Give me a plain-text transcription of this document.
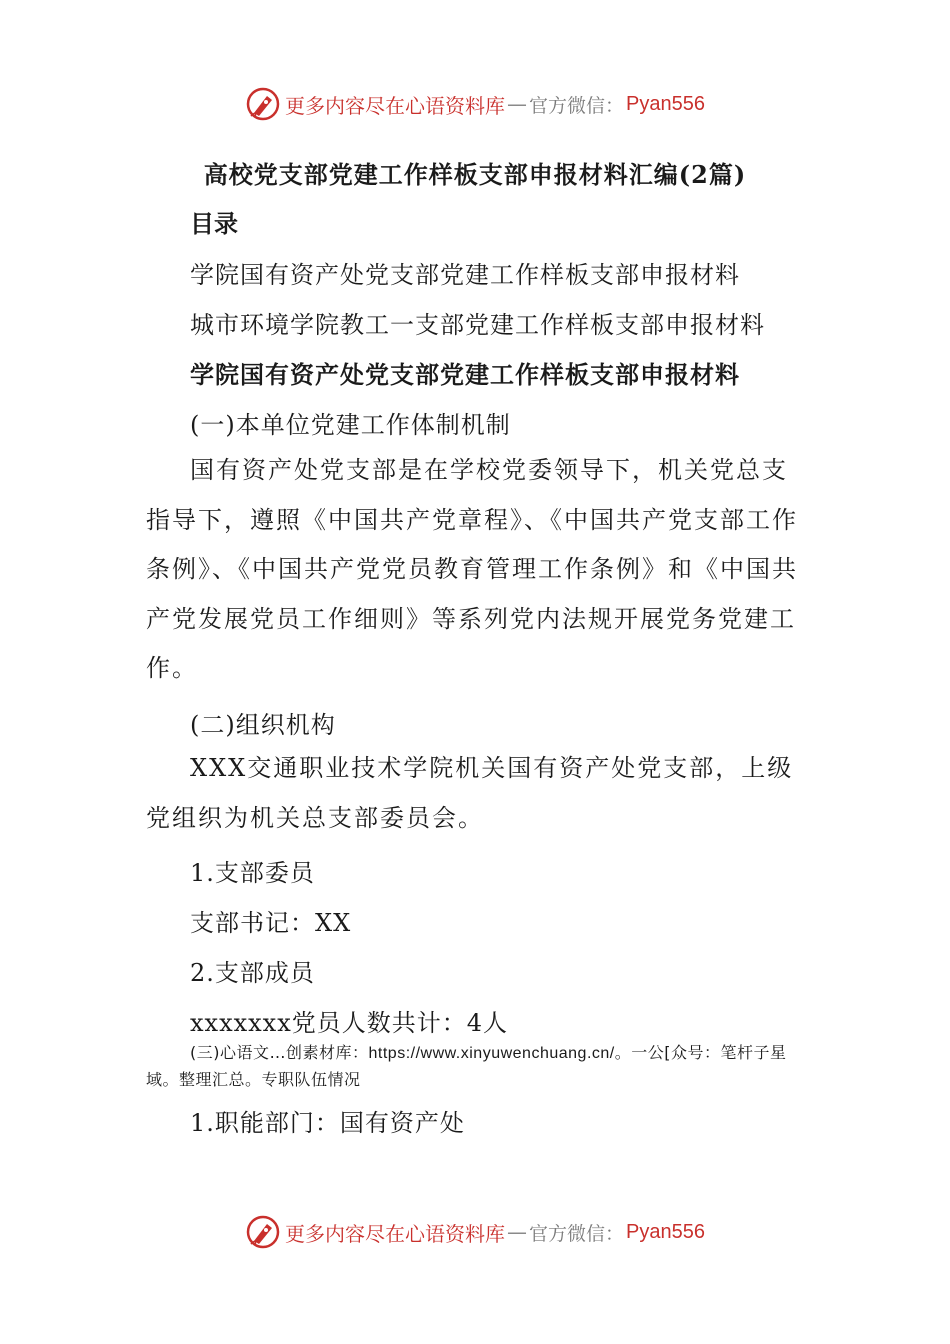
更多内容尽在心语资料库 — 官方微信： Pyan556
高校党支部党建工作样板支部申报材料汇编(2篇)
目录
学院国有资产处党支部党建工作样板支部申报材料
城市环境学院教工一支部党建工作样板支部申报材料
学院国有资产处党支部党建工作样板支部申报材料
(一)本单位党建工作体制机制
国有资产处党支部是在学校党委领导下，机关党总支指导下，遵照《中国共产党章程》、《中国共产党支部工作条例》、《中国共产党党员教育管理工作条例》和《中国共产党发展党员工作细则》等系列党内法规开展党务党建工作。
(二)组织机构
XXX交通职业技术学院机关国有资产处党支部，上级党组织为机关总支部委员会。
1.支部委员
支部书记：XX
2.支部成员
xxxxxxx党员人数共计：4人
(三)心语文…创素材库：https://www.xinyuwenchuang.cn/。一公[众号：笔杆子星域。整理汇总。专职队伍情况
1.职能部门：国有资产处
更多内容尽在心语资料库 — 官方微信： Pyan556
